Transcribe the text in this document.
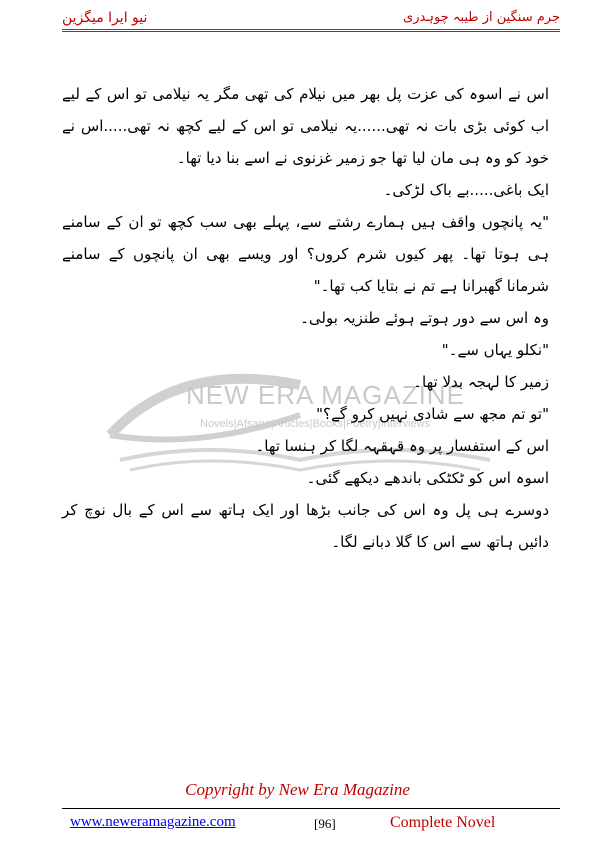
جرم سنگین از طیبہ چوہدری
نیو ایرا میگزین
NEW ERA MAGAZINE
Novels|Afsana|Articles|Books|Poetry|Interviews

اس نے اسوہ کی عزت پل بھر میں نیلام کی تھی مگر یہ نیلامی تو اس کے لیے اب کوئی بڑی بات نہ تھی......یہ نیلامی تو اس کے لیے کچھ نہ تھی.....اس نے خود کو وہ ہی مان لیا تھا جو زمیر غزنوی نے اسے بنا دیا تھا۔

ایک باغی.....بے باک لڑکی۔

"یہ پانچوں واقف ہیں ہمارے رشتے سے، پہلے بھی سب کچھ تو ان کے سامنے ہی ہوتا تھا۔ پھر کیوں شرم کروں؟ اور ویسے بھی ان پانچوں کے سامنے شرمانا گھبرانا ہے تم نے بتایا کب تھا۔"

وہ اس سے دور ہوتے ہوئے طنزیہ بولی۔

"نکلو یہاں سے۔"

زمیر کا لہجہ بدلا تھا۔

"تو تم مجھ سے شادی نہیں کرو گے؟"

اس کے استفسار پر وہ قہقہہ لگا کر ہنسا تھا۔

اسوہ اس کو ٹکٹکی باندھے دیکھے گئی۔

دوسرے ہی پل وہ اس کی جانب بڑھا اور ایک ہاتھ سے اس کے بال نوچ کر دائیں ہاتھ سے اس کا گلا دبانے لگا۔

Copyright by New Era Magazine
www.neweramagazine.com	[96]	Complete Novel
